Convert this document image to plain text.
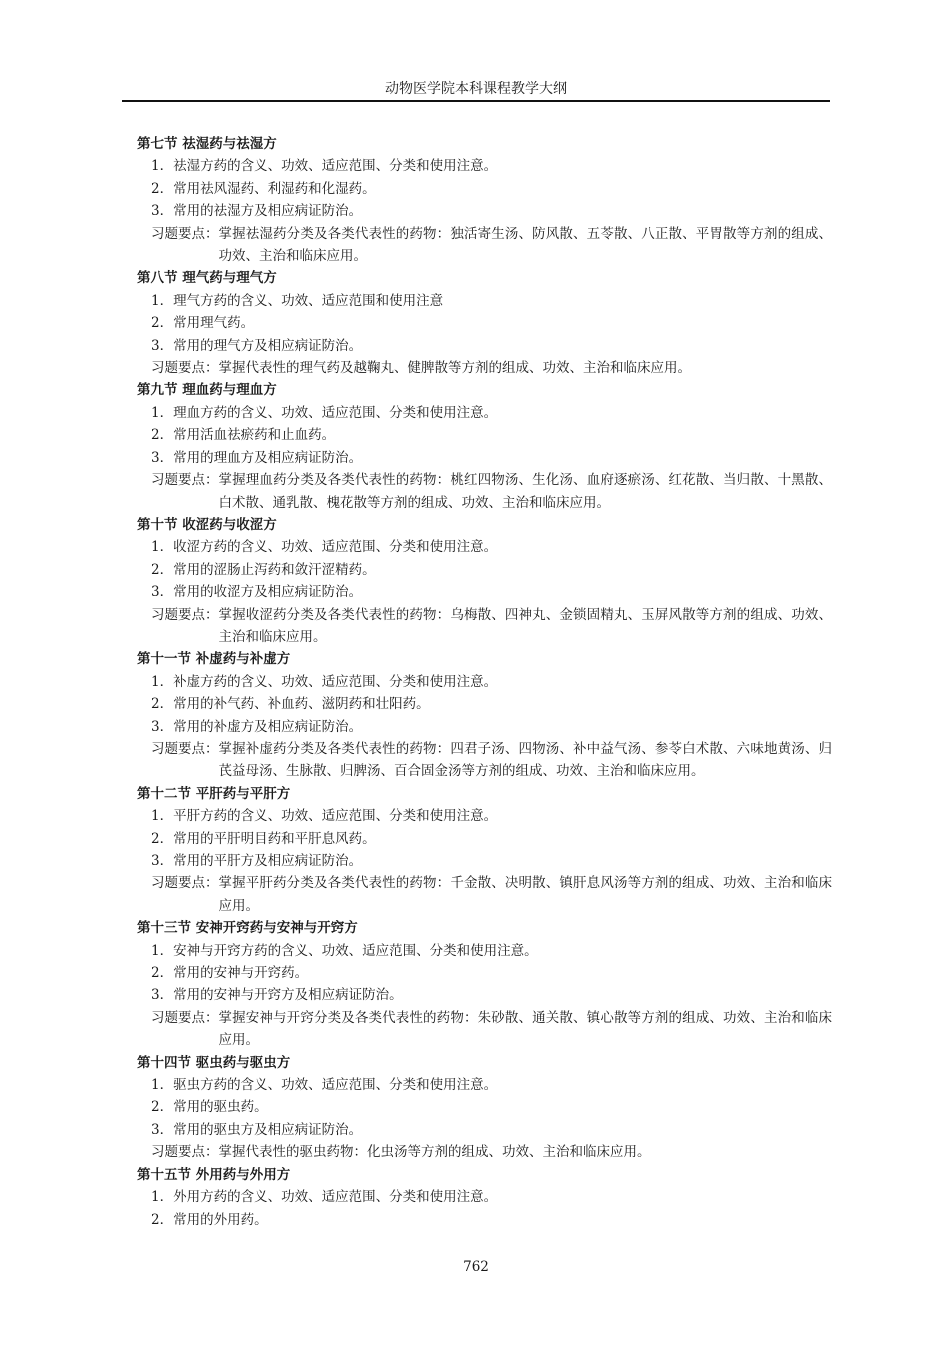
动物医学院本科课程教学大纲
第七节 祛湿药与祛湿方
1．祛湿方药的含义、功效、适应范围、分类和使用注意。
2．常用祛风湿药、利湿药和化湿药。
3．常用的祛湿方及相应病证防治。
习题要点： 掌握祛湿药分类及各类代表性的药物：独活寄生汤、防风散、五苓散、八正散、平胃散等方剂的组成、功效、主治和临床应用。
第八节 理气药与理气方
1．理气方药的含义、功效、适应范围和使用注意
2．常用理气药。
3．常用的理气方及相应病证防治。
习题要点： 掌握代表性的理气药及越鞠丸、健脾散等方剂的组成、功效、主治和临床应用。
第九节 理血药与理血方
1．理血方药的含义、功效、适应范围、分类和使用注意。
2．常用活血祛瘀药和止血药。
3．常用的理血方及相应病证防治。
习题要点： 掌握理血药分类及各类代表性的药物：桃红四物汤、生化汤、血府逐瘀汤、红花散、当归散、十黑散、白术散、通乳散、槐花散等方剂的组成、功效、主治和临床应用。
第十节 收涩药与收涩方
1．收涩方药的含义、功效、适应范围、分类和使用注意。
2．常用的涩肠止泻药和敛汗涩精药。
3．常用的收涩方及相应病证防治。
习题要点： 掌握收涩药分类及各类代表性的药物：乌梅散、四神丸、金锁固精丸、玉屏风散等方剂的组成、功效、主治和临床应用。
第十一节 补虚药与补虚方
1．补虚方药的含义、功效、适应范围、分类和使用注意。
2．常用的补气药、补血药、滋阴药和壮阳药。
3．常用的补虚方及相应病证防治。
习题要点： 掌握补虚药分类及各类代表性的药物：四君子汤、四物汤、补中益气汤、参苓白术散、六味地黄汤、归芪益母汤、生脉散、归脾汤、百合固金汤等方剂的组成、功效、主治和临床应用。
第十二节 平肝药与平肝方
1．平肝方药的含义、功效、适应范围、分类和使用注意。
2．常用的平肝明目药和平肝息风药。
3．常用的平肝方及相应病证防治。
习题要点： 掌握平肝药分类及各类代表性的药物：千金散、决明散、镇肝息风汤等方剂的组成、功效、主治和临床应用。
第十三节 安神开窍药与安神与开窍方
1．安神与开窍方药的含义、功效、适应范围、分类和使用注意。
2．常用的安神与开窍药。
3．常用的安神与开窍方及相应病证防治。
习题要点： 掌握安神与开窍分类及各类代表性的药物：朱砂散、通关散、镇心散等方剂的组成、功效、主治和临床应用。
第十四节 驱虫药与驱虫方
1．驱虫方药的含义、功效、适应范围、分类和使用注意。
2．常用的驱虫药。
3．常用的驱虫方及相应病证防治。
习题要点： 掌握代表性的驱虫药物：化虫汤等方剂的组成、功效、主治和临床应用。
第十五节 外用药与外用方
1．外用方药的含义、功效、适应范围、分类和使用注意。
2．常用的外用药。
762
